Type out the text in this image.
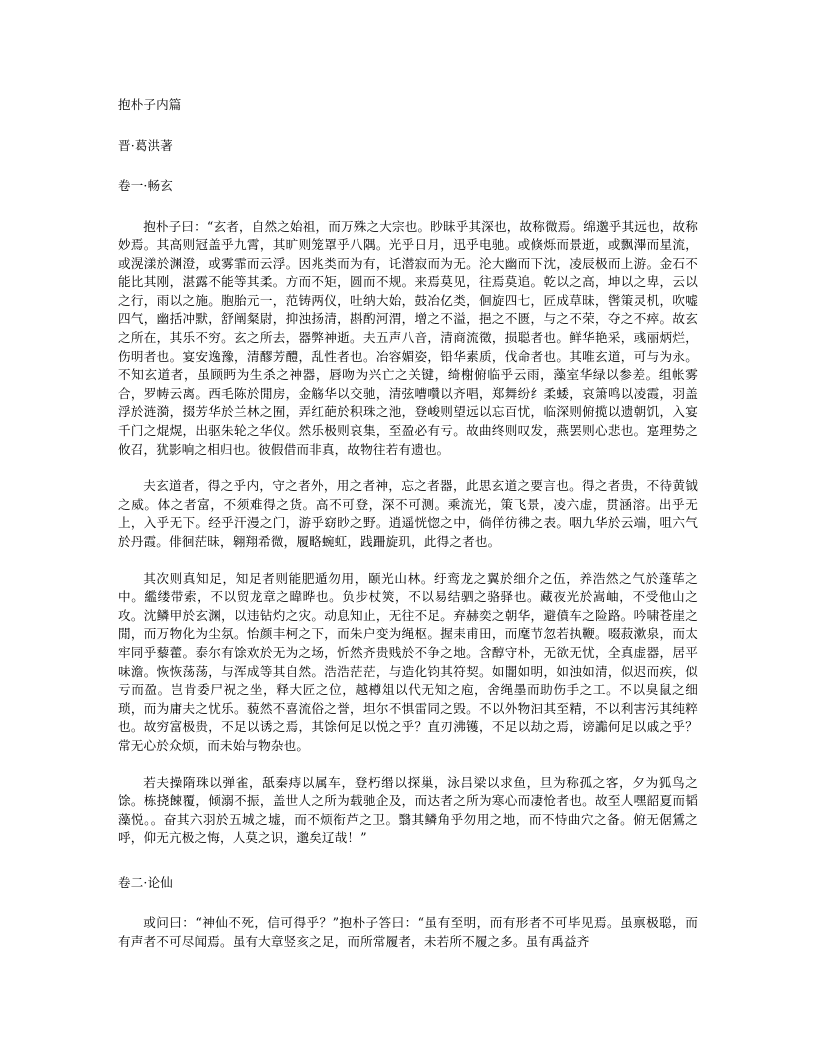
抱朴子内篇

晋·葛洪著

卷一·畅玄

抱朴子曰：“玄者，自然之始祖，而万殊之大宗也。眇昧乎其深也，故称微焉。绵邈乎其远也，故称妙焉。其高则冠盖乎九霄，其旷则笼罩乎八隅。光乎日月，迅乎电驰。或倏烁而景逝，或飘滭而星流，或滉漾於渊澄，或雾霏而云浮。因兆类而为有，讬潜寂而为无。沦大幽而下沈，凌辰极而上游。金石不能比其刚，湛露不能等其柔。方而不矩，圆而不规。来焉莫见，往焉莫追。乾以之高，坤以之卑，云以之行，雨以之施。胞胎元一，范铸两仪，吐纳大始，鼓冶亿类，佪旋四七，匠成草昧，辔策灵机，吹嘘四气，幽括冲默，舒阐粲尉，抑浊扬清，斟酌河渭，增之不溢，挹之不匮，与之不荣，夺之不瘁。故玄之所在，其乐不穷。玄之所去，器弊神逝。夫五声八音，清商流徵，损聪者也。鲜华艳采，彧丽炳烂，伤明者也。宴安逸豫，清醪芳醴，乱性者也。冶容媚姿，铅华素质，伐命者也。其唯玄道，可与为永。不知玄道者，虽顾眄为生杀之神器，唇吻为兴亡之关键，绮榭俯临乎云雨，藻室华绿以参差。组帐雾合，罗帱云离。西毛陈於閒房，金觞华以交驰，清弦嘈囋以齐唱，郑舞纷纟柔蜲，哀箫鸣以凌霞，羽盖浮於涟漪，掇芳华於兰林之囿，弄红葩於积珠之池，登峻则望远以忘百忧，临深则俯揽以遗朝饥，入宴千门之焜熀，出驱朱轮之华仪。然乐极则哀集，至盈必有亏。故曲终则叹发，燕罢则心悲也。寔理势之攸召，犹影响之相归也。彼假借而非真，故物往若有遗也。

夫玄道者，得之乎内，守之者外，用之者神，忘之者器，此思玄道之要言也。得之者贵，不待黄钺之威。体之者富，不须难得之货。高不可登，深不可测。乘流光，策飞景，凌六虚，贯涵溶。出乎无上，入乎无下。经乎汗漫之门，游乎窈眇之野。逍遥恍惚之中，倘佯彷彿之表。咽九华於云端，咀六气於丹霞。俳徊茫昧，翱翔希微，履略蜿虹，践跚旋玑，此得之者也。

其次则真知足，知足者则能肥遁勿用，颐光山林。纡鸾龙之翼於细介之伍，养浩然之气於蓬荜之中。繿缕带索，不以贸龙章之暐晔也。负步杖筴，不以易结驷之骆驿也。藏夜光於嵩岫，不受他山之攻。沈鳞甲於玄渊，以违钻灼之灾。动息知止，无往不足。弃赫奕之朝华，避僨车之险路。吟啸苍崖之閒，而万物化为尘氛。怡颜丰柯之下，而朱户变为绳枢。握耒甫田，而麾节忽若执鞭。啜菽漱泉，而太牢同乎藜藿。泰尔有馀欢於无为之场，忻然齐贵贱於不争之地。含醇守朴，无欲无忧，全真虚器，居平味澹。恢恢荡荡，与浑成等其自然。浩浩茫茫，与造化钧其符契。如闇如明，如浊如清，似迟而疾，似亏而盈。岂肯委尸祝之坐，释大匠之位，越樽俎以代无知之庖，舍绳墨而助伤手之工。不以臭鼠之细琐，而为庸夫之忧乐。藐然不喜流俗之誉，坦尔不惧雷同之毁。不以外物汩其至精，不以利害污其纯粹也。故穷富极贵，不足以诱之焉，其馀何足以悦之乎？直刃沸镬，不足以劫之焉，谤讟何足以戚之乎？常无心於众烦，而未始与物杂也。

若夫操隋珠以弹雀，舐秦痔以属车，登朽缗以探巢，泳吕梁以求鱼，旦为称孤之客，夕为狐鸟之馀。栋挠餗覆，倾溺不振，盖世人之所为载驰企及，而达者之所为寒心而凄怆者也。故至人嘿韶夏而韬藻悦。。奋其六羽於五城之墟，而不烦衔芦之卫。翳其鳞角乎勿用之地，而不恃曲穴之备。俯无倨鵀之呼，仰无亢极之悔，人莫之识，邈矣辽哉！”

卷二·论仙

或问曰：“神仙不死，信可得乎？”抱朴子答曰：“虽有至明，而有形者不可毕见焉。虽禀极聪，而有声者不可尽闻焉。虽有大章竖亥之足，而所常履者，未若所不履之多。虽有禹益齐
